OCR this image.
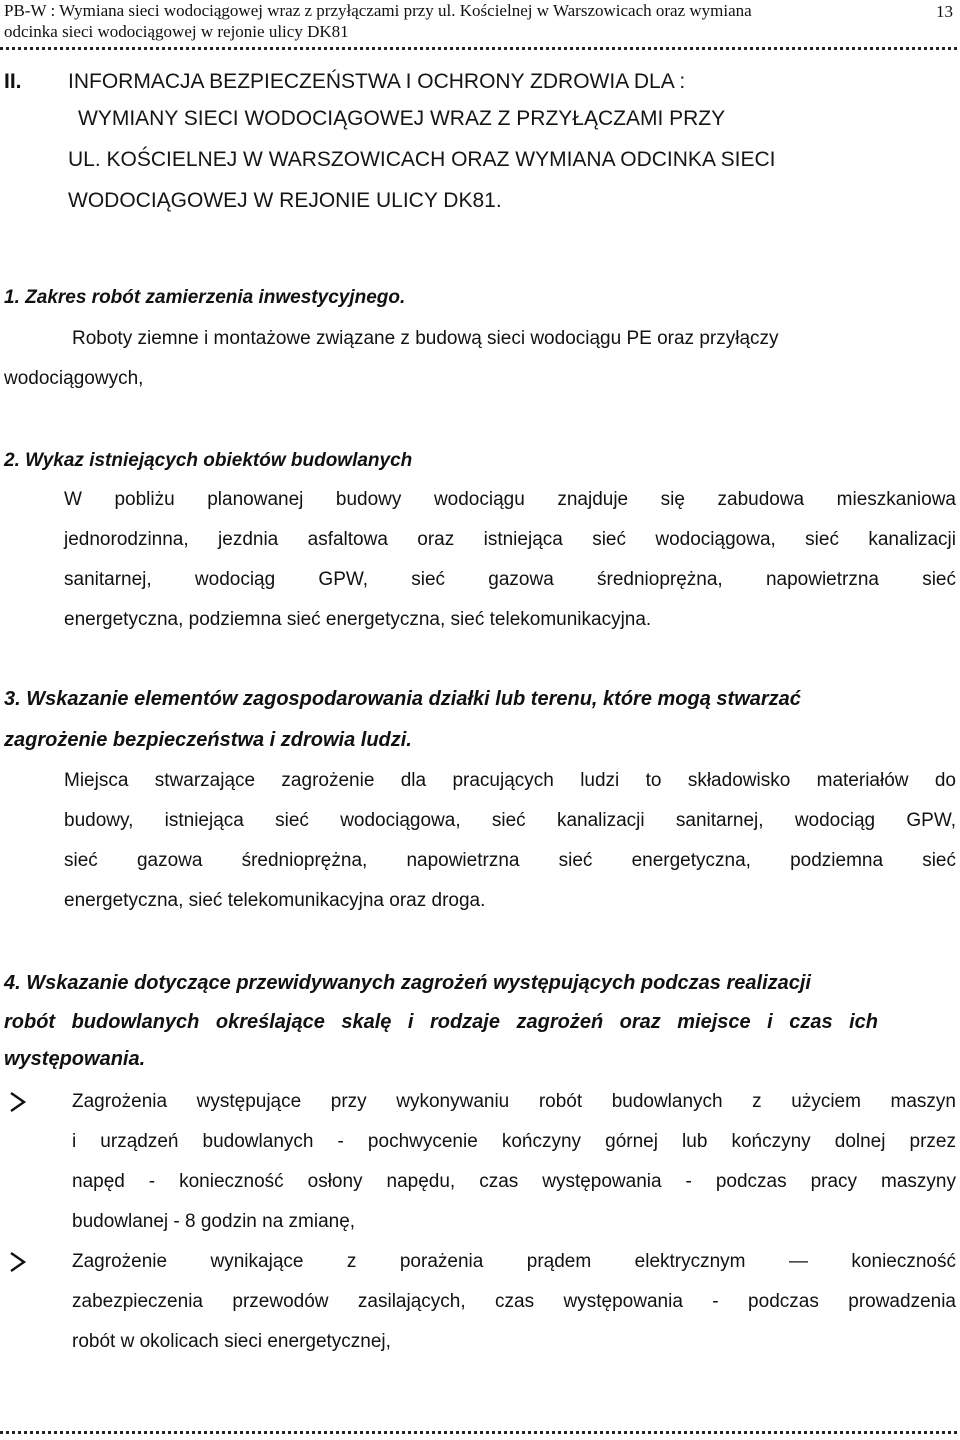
PB-W : Wymiana sieci wodociągowej wraz z przyłączami przy ul. Kościelnej w Warszowicach oraz wymiana
odcinka sieci wodociągowej w rejonie ulicy DK81
13
II. INFORMACJA BEZPIECZEŃSTWA I OCHRONY ZDROWIA DLA :
WYMIANY SIECI WODOCIĄGOWEJ WRAZ Z PRZYŁĄCZAMI PRZY
UL. KOŚCIELNEJ W WARSZOWICACH ORAZ WYMIANA ODCINKA SIECI
WODOCIĄGOWEJ W REJONIE ULICY DK81.
1. Zakres robót zamierzenia inwestycyjnego.
Roboty ziemne i montażowe związane z budową sieci wodociągu PE oraz przyłączy
wodociągowych,
2. Wykaz istniejących obiektów budowlanych
W pobliżu planowanej budowy wodociągu znajduje się zabudowa mieszkaniowa
jednorodzinna, jezdnia asfaltowa oraz istniejąca sieć wodociągowa, sieć kanalizacji
sanitarnej, wodociąg GPW, sieć gazowa średnioprężna, napowietrzna sieć
energetyczna, podziemna sieć energetyczna, sieć telekomunikacyjna.
3. Wskazanie elementów zagospodarowania działki lub terenu, które mogą stwarzać
zagrożenie bezpieczeństwa i zdrowia ludzi.
Miejsca stwarzające zagrożenie dla pracujących ludzi to składowisko materiałów do
budowy, istniejąca sieć wodociągowa, sieć kanalizacji sanitarnej, wodociąg GPW,
sieć gazowa średnioprężna, napowietrzna sieć energetyczna, podziemna sieć
energetyczna, sieć telekomunikacyjna oraz droga.
4. Wskazanie dotyczące przewidywanych zagrożeń występujących podczas realizacji
robót budowlanych określające skalę i rodzaje zagrożeń oraz miejsce i czas ich
występowania.
Zagrożenia występujące przy wykonywaniu robót budowlanych z użyciem maszyn
i urządzeń budowlanych - pochwycenie kończyny górnej lub kończyny dolnej przez
napęd - konieczność osłony napędu, czas występowania - podczas pracy maszyny
budowlanej - 8 godzin na zmianę,
Zagrożenie wynikające z porażenia prądem elektrycznym — konieczność
zabezpieczenia przewodów zasilających, czas występowania - podczas prowadzenia
robót w okolicach sieci energetycznej,
